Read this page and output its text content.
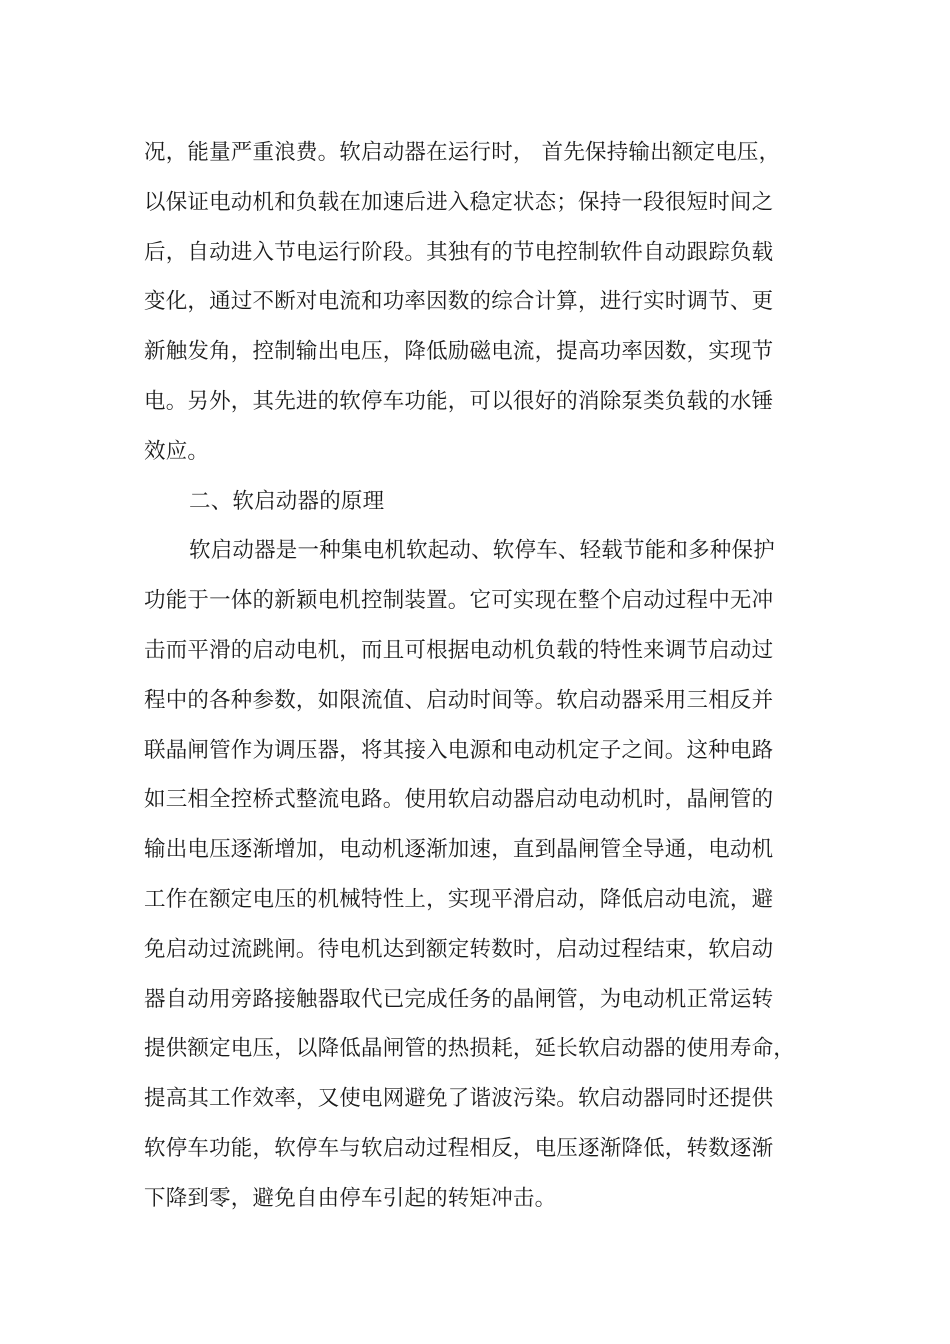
况，能量严重浪费。软启动器在运行时， 首先保持输出额定电压，
以保证电动机和负载在加速后进入稳定状态；保持一段很短时间之
后，自动进入节电运行阶段。其独有的节电控制软件自动跟踪负载
变化，通过不断对电流和功率因数的综合计算，进行实时调节、更
新触发角，控制输出电压，降低励磁电流，提高功率因数，实现节
电。另外，其先进的软停车功能，可以很好的消除泵类负载的水锤
效应。
二、软启动器的原理
软启动器是一种集电机软起动、软停车、轻载节能和多种保护
功能于一体的新颖电机控制装置。它可实现在整个启动过程中无冲
击而平滑的启动电机，而且可根据电动机负载的特性来调节启动过
程中的各种参数，如限流值、启动时间等。软启动器采用三相反并
联晶闸管作为调压器，将其接入电源和电动机定子之间。这种电路
如三相全控桥式整流电路。使用软启动器启动电动机时，晶闸管的
输出电压逐渐增加，电动机逐渐加速，直到晶闸管全导通，电动机
工作在额定电压的机械特性上，实现平滑启动，降低启动电流，避
免启动过流跳闸。待电机达到额定转数时，启动过程结束，软启动
器自动用旁路接触器取代已完成任务的晶闸管，为电动机正常运转
提供额定电压，以降低晶闸管的热损耗，延长软启动器的使用寿命，
提高其工作效率，又使电网避免了谐波污染。软启动器同时还提供
软停车功能，软停车与软启动过程相反，电压逐渐降低，转数逐渐
下降到零，避免自由停车引起的转矩冲击。
